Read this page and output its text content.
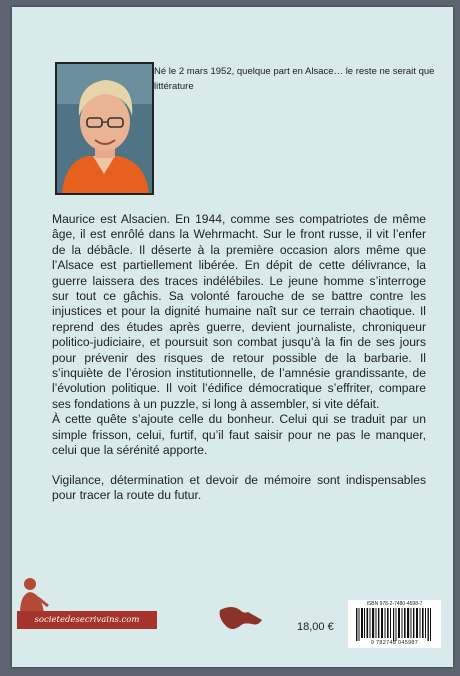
Né le 2 mars 1952, quelque part en Alsace… le reste ne serait que littérature

Maurice est Alsacien. En 1944, comme ses compatriotes de même âge, il est enrôlé dans la Wehrmacht. Sur le front russe, il vit l’enfer de la débâcle. Il déserte à la première occasion alors même que l’Alsace est partiellement libérée. En dépit de cette délivrance, la guerre laissera des traces indélébiles. Le jeune homme s’interroge sur tout ce gâchis. Sa volonté farouche de se battre contre les injustices et pour la dignité humaine naît sur ce terrain chaotique. Il reprend des études après guerre, devient journaliste, chroniqueur politico-judiciaire, et poursuit son combat jusqu’à la fin de ses jours pour prévenir des risques de retour possible de la barbarie. Il s’inquiète de l’érosion institutionnelle, de l’amnésie grandissante, de l’évolution politique. Il voit l’édifice démocratique s’effriter, compare ses fondations à un puzzle, si long à assembler, si vite défait.

À cette quête s’ajoute celle du bonheur. Celui qui se traduit par un simple frisson, celui, furtif, qu’il faut saisir pour ne pas le manquer, celui que la sérénité apporte.

Vigilance, détermination et devoir de mémoire sont indispensables pour tracer la route du futur.

societedesecrivains.com
18,00 €
ISBN 978-2-7480-4598-7
9 782748 045987
